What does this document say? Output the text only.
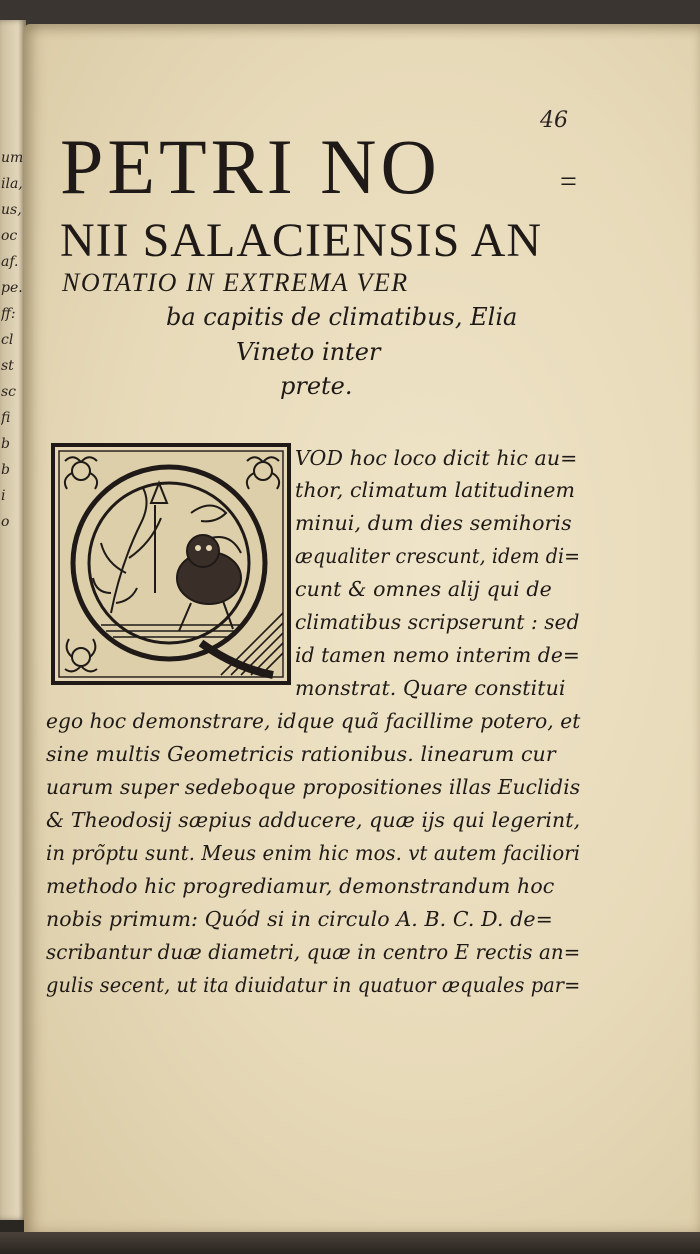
um
ila,
us,
oc
af.
pe.
ff:
cl
st
sc
fi
b
b
i
o
46
PETRI NO	=
NII SALACIENSIS AN
NOTATIO IN EXTREMA VER
ba capitis de climatibus, Elia
Vineto inter
prete.
VOD hoc loco dicit hic au=
thor, climatum latitudinem
minui, dum dies semihoris
æqualiter crescunt, idem di=
cunt & omnes alij qui de
climatibus scripserunt : sed
id tamen nemo interim de=
monstrat. Quare constitui
ego hoc demonstrare, idque quã facillime potero, et
sine multis Geometricis rationibus. linearum cur
uarum super sedeboque propositiones illas Euclidis
& Theodosij sæpius adducere, quæ ijs qui legerint,
in prõptu sunt. Meus enim hic mos. vt autem faciliori
methodo hic progrediamur, demonstrandum hoc
nobis primum: Quód si in circulo A. B. C. D. de=
scribantur duæ diametri, quæ in centro E rectis an=
gulis secent, ut ita diuidatur in quatuor æquales par=
